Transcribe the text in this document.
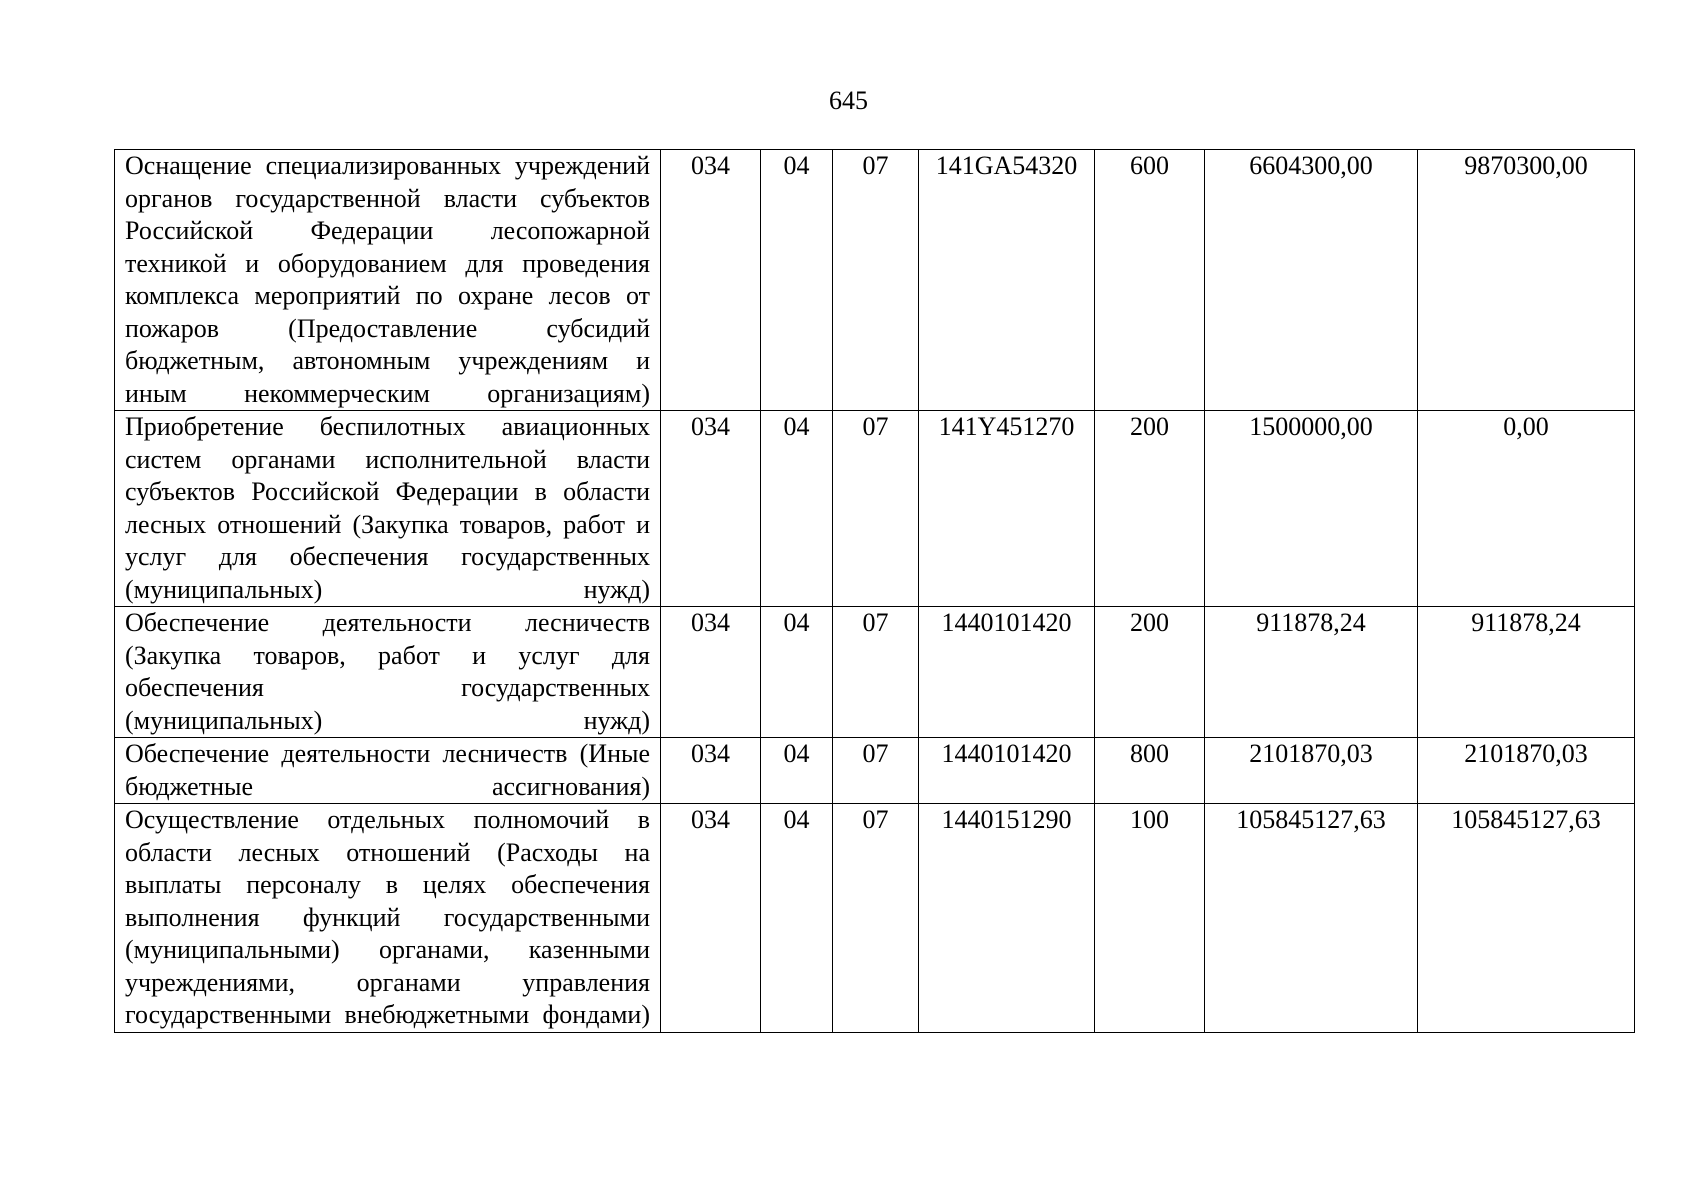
645
Оснащение специализированных учреждений органов государственной власти субъектов Российской Федерации лесопожарной техникой и оборудованием для проведения комплекса мероприятий по охране лесов от пожаров (Предоставление субсидий бюджетным, автономным учреждениям и иным некоммерческим организациям)	034	04	07	141GA54320	600	6604300,00	9870300,00

Приобретение беспилотных авиационных систем органами исполнительной власти субъектов Российской Федерации в области лесных отношений (Закупка товаров, работ и услуг для обеспечения государственных (муниципальных) нужд)	034	04	07	141Y451270	200	1500000,00	0,00

Обеспечение деятельности лесничеств (Закупка товаров, работ и услуг для обеспечения государственных (муниципальных) нужд)	034	04	07	1440101420	200	911878,24	911878,24

Обеспечение деятельности лесничеств (Иные бюджетные ассигнования)	034	04	07	1440101420	800	2101870,03	2101870,03

Осуществление отдельных полномочий в области лесных отношений (Расходы на выплаты персоналу в целях обеспечения выполнения функций государственными (муниципальными) органами, казенными учреждениями, органами управления государственными внебюджетными фондами)	034	04	07	1440151290	100	105845127,63	105845127,63
